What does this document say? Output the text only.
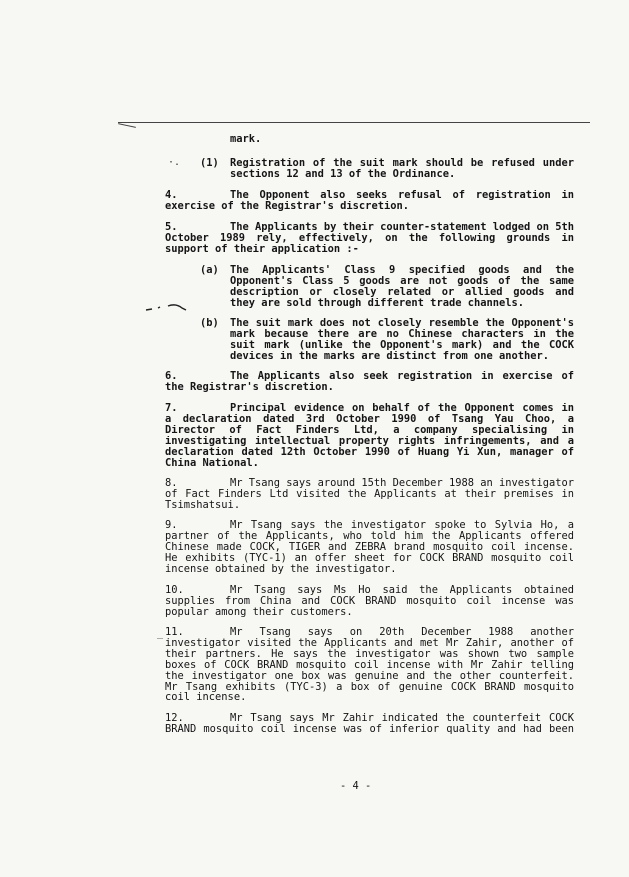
mark.
·. (1) Registration of the suit mark should be refused under
sections 12 and 13 of the Ordinance.
4.	The Opponent also seeks refusal of registration in
exercise of the Registrar's discretion.
5.	The Applicants by their counter-statement lodged on 5th
October 1989 rely, effectively, on the following grounds in
support of their application :-
(a) The Applicants' Class 9 specified goods and the
Opponent's Class 5 goods are not goods of the same
description or closely related or allied goods and
they are sold through different trade channels.
(b) The suit mark does not closely resemble the Opponent's
mark because there are no Chinese characters in the
suit mark (unlike the Opponent's mark) and the COCK
devices in the marks are distinct from one another.
6.	The Applicants also seek registration in exercise of
the Registrar's discretion.
7.	Principal evidence on behalf of the Opponent comes in
a declaration dated 3rd October 1990 of Tsang Yau Choo, a
Director of Fact Finders Ltd, a company specialising in
investigating intellectual property rights infringements, and a
declaration dated 12th October 1990 of Huang Yi Xun, manager of
China National.
8.	Mr Tsang says around 15th December 1988 an investigator
of Fact Finders Ltd visited the Applicants at their premises in
Tsimshatsui.
9.	Mr Tsang says the investigator spoke to Sylvia Ho, a
partner of the Applicants, who told him the Applicants offered
Chinese made COCK, TIGER and ZEBRA brand mosquito coil incense.
He exhibits (TYC-1) an offer sheet for COCK BRAND mosquito coil
incense obtained by the investigator.
10.	Mr Tsang says Ms Ho said the Applicants obtained
supplies from China and COCK BRAND mosquito coil incense was
popular among their customers.
11.
_	Mr Tsang says on 20th December 1988 another
investigator visited the Applicants and met Mr Zahir, another of
their partners. He says the investigator was shown two sample
boxes of COCK BRAND mosquito coil incense with Mr Zahir telling
the investigator one box was genuine and the other counterfeit.
Mr Tsang exhibits (TYC-3) a box of genuine COCK BRAND mosquito
coil incense.
12.	Mr Tsang says Mr Zahir indicated the counterfeit COCK
BRAND mosquito coil incense was of inferior quality and had been
- 4 -
